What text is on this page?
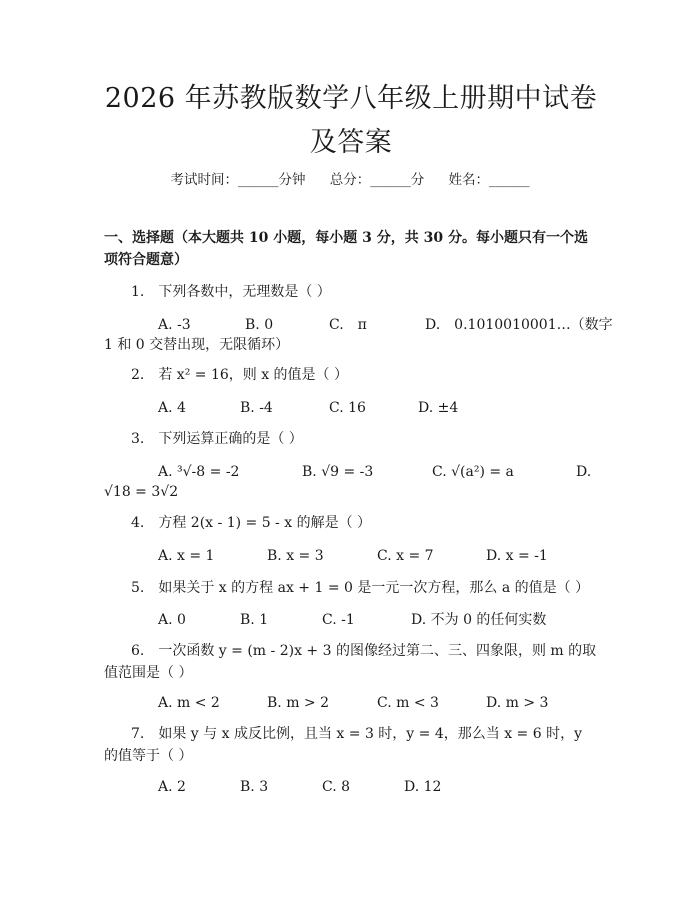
2026 年苏教版数学八年级上册期中试卷及答案
考试时间：______分钟 总分：______分 姓名：______
一、选择题（本大题共 10 小题，每小题 3 分，共 30 分。每小题只有一个选项符合题意）
1.　下列各数中，无理数是（ ）
A. -3	B. 0	C.　π	D.　0.1010010001…（数字
1 和 0 交替出现，无限循环）
2.　若 x² = 16，则 x 的值是（ ）
A. 4	B. -4	C. 16	D. ±4
3.　下列运算正确的是（ ）
A. ³√-8 = -2	B. √9 = -3	C. √(a²) = a	D.
√18 = 3√2
4.　方程 2(x - 1) = 5 - x 的解是（ ）
A. x = 1	B. x = 3	C. x = 7	D. x = -1
5.　如果关于 x 的方程 ax + 1 = 0 是一元一次方程，那么 a 的值是（ ）
A. 0	B. 1	C. -1	D. 不为 0 的任何实数
6.　一次函数 y = (m - 2)x + 3 的图像经过第二、三、四象限，则 m 的取值范围是（ ）
A. m < 2	B. m > 2	C. m < 3	D. m > 3
7.　如果 y 与 x 成反比例，且当 x = 3 时，y = 4，那么当 x = 6 时，y 的值等于（ ）
A. 2	B. 3	C. 8	D. 12
